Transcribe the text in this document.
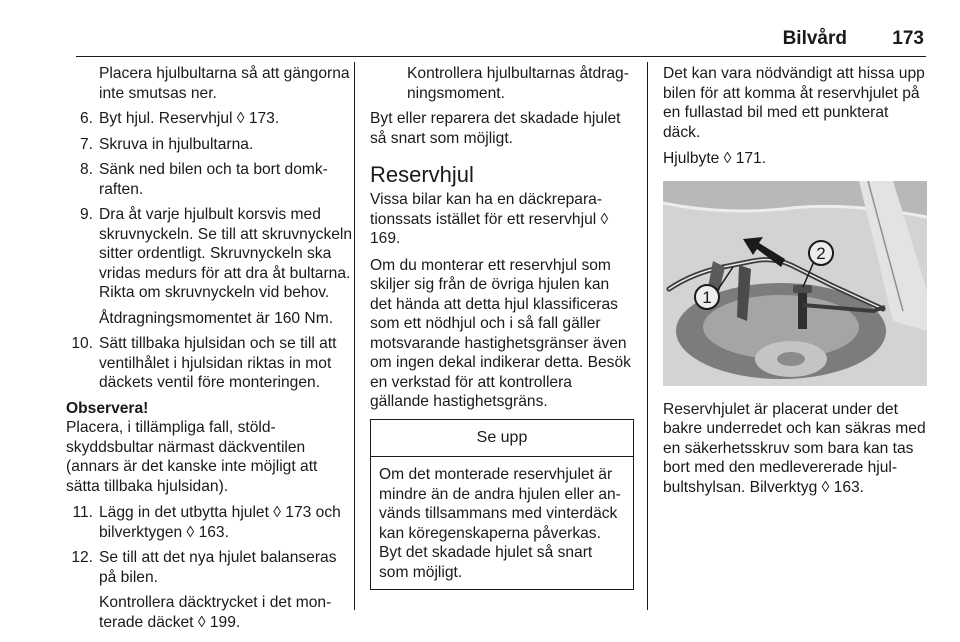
Bilvård 173
Placera hjulbultarna så att gängorna inte smutsas ner.
6. Byt hjul. Reservhjul ◊ 173.
7. Skruva in hjulbultarna.
8. Sänk ned bilen och ta bort domkraften.
9. Dra åt varje hjulbult korsvis med skruvnyckeln. Se till att skruvnyckeln sitter ordentligt. Skruvnyckeln ska vridas medurs för att dra åt bultarna. Rikta om skruvnyckeln vid behov.
Åtdragningsmomentet är 160 Nm.
10. Sätt tillbaka hjulsidan och se till att ventilhålet i hjulsidan riktas in mot däckets ventil före monteringen.
Observera!
Placera, i tillämpliga fall, stöldskyddsbultar närmast däckventilen (annars är det kanske inte möjligt att sätta tillbaka hjulsidan).
11. Lägg in det utbytta hjulet ◊ 173 och bilverktygen ◊ 163.
12. Se till att det nya hjulet balanseras på bilen.
Kontrollera däcktrycket i det monterade däcket ◊ 199.
Kontrollera hjulbultarnas åtdragningsmoment.
Byt eller reparera det skadade hjulet så snart som möjligt.
Reservhjul
Vissa bilar kan ha en däckreparationssats istället för ett reservhjul ◊ 169.
Om du monterar ett reservhjul som skiljer sig från de övriga hjulen kan det hända att detta hjul klassificeras som ett nödhjul och i så fall gäller motsvarande hastighetsgränser även om ingen dekal indikerar detta. Besök en verkstad för att kontrollera gällande hastighetsgräns.
Se upp
Om det monterade reservhjulet är mindre än de andra hjulen eller används tillsammans med vinterdäck kan köregenskaperna påverkas. Byt det skadade hjulet så snart som möjligt.
Det kan vara nödvändigt att hissa upp bilen för att komma åt reservhjulet på en fullastad bil med ett punkterat däck.
Hjulbyte ◊ 171.
1
2
Reservhjulet är placerat under det bakre underredet och kan säkras med en säkerhetsskruv som bara kan tas bort med den medlevererade hjulbultshylsan. Bilverktyg ◊ 163.
